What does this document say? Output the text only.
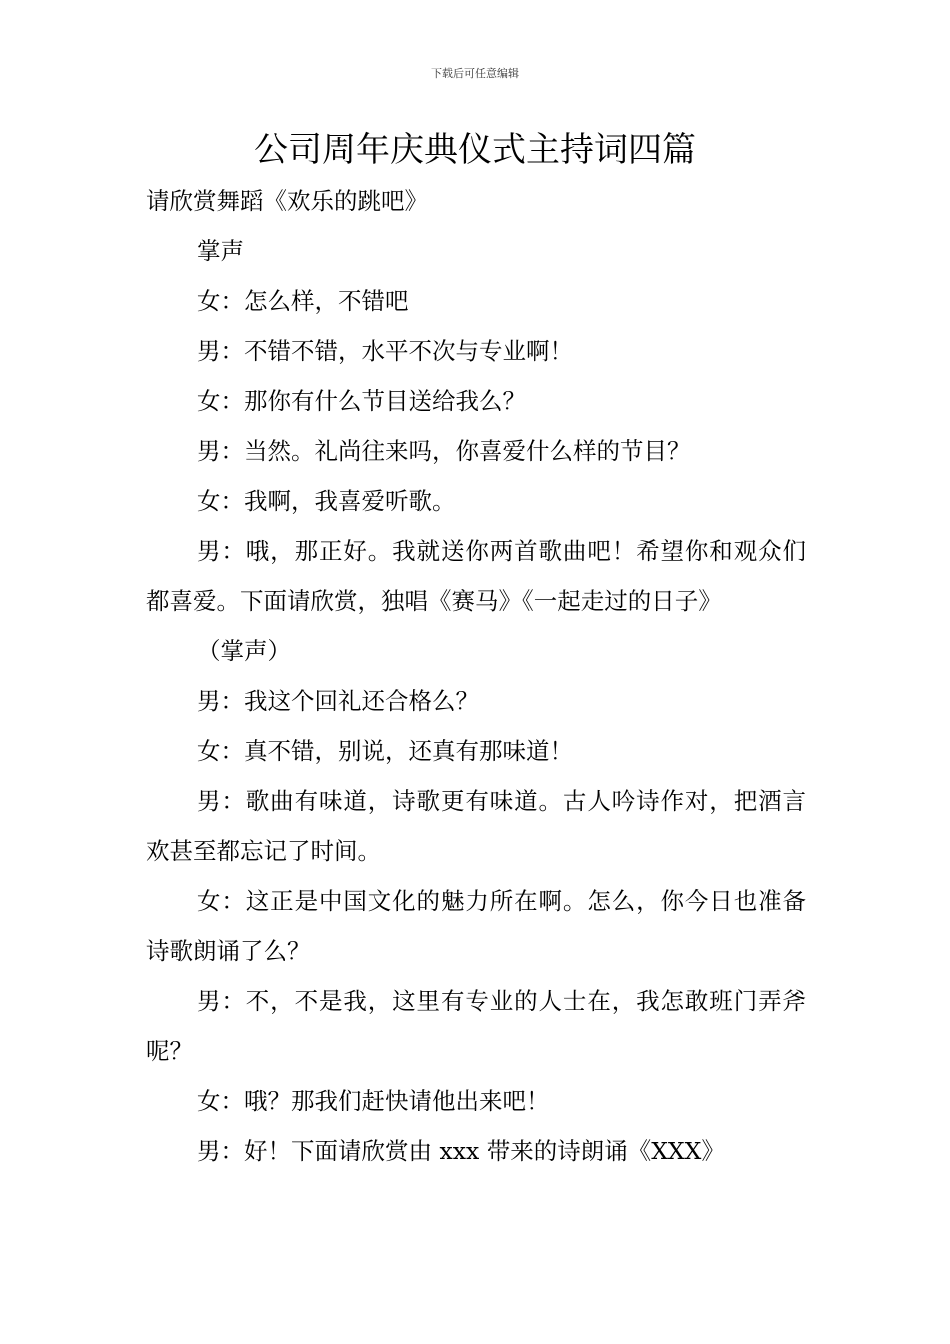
下载后可任意编辑
公司周年庆典仪式主持词四篇

请欣赏舞蹈《欢乐的跳吧》

掌声

女：怎么样，不错吧

男：不错不错，水平不次与专业啊！

女：那你有什么节目送给我么？

男：当然。礼尚往来吗，你喜爱什么样的节目？

女：我啊，我喜爱听歌。

男：哦，那正好。我就送你两首歌曲吧！希望你和观众们都喜爱。下面请欣赏，独唱《赛马》《一起走过的日子》

（掌声）

男：我这个回礼还合格么？

女：真不错，别说，还真有那味道！

男：歌曲有味道，诗歌更有味道。古人吟诗作对，把酒言欢甚至都忘记了时间。

女：这正是中国文化的魅力所在啊。怎么，你今日也准备诗歌朗诵了么？

男：不，不是我，这里有专业的人士在，我怎敢班门弄斧呢？

女：哦？那我们赶快请他出来吧！

男：好！下面请欣赏由 xxx 带来的诗朗诵《XXX》
